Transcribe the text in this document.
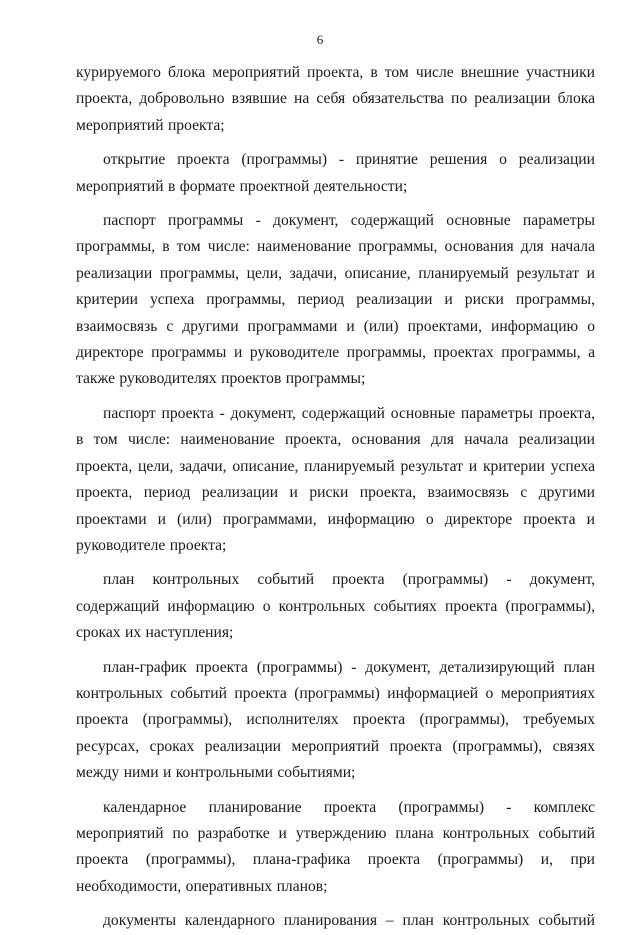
6

курируемого блока мероприятий проекта, в том числе внешние участники проекта, добровольно взявшие на себя обязательства по реализации блока мероприятий проекта;

открытие проекта (программы) - принятие решения о реализации мероприятий в формате проектной деятельности;

паспорт программы - документ, содержащий основные параметры программы, в том числе: наименование программы, основания для начала реализации программы, цели, задачи, описание, планируемый результат и критерии успеха программы, период реализации и риски программы, взаимосвязь с другими программами и (или) проектами, информацию о директоре программы и руководителе программы, проектах программы, а также руководителях проектов программы;

паспорт проекта - документ, содержащий основные параметры проекта, в том числе: наименование проекта, основания для начала реализации проекта, цели, задачи, описание, планируемый результат и критерии успеха проекта, период реализации и риски проекта, взаимосвязь с другими проектами и (или) программами, информацию о директоре проекта и руководителе проекта;

план контрольных событий проекта (программы) - документ, содержащий информацию о контрольных событиях проекта (программы), сроках их наступления;

план-график проекта (программы) - документ, детализирующий план контрольных событий проекта (программы) информацией о мероприятиях проекта (программы), исполнителях проекта (программы), требуемых ресурсах, сроках реализации мероприятий проекта (программы), связях между ними и контрольными событиями;

календарное планирование проекта (программы) - комплекс мероприятий по разработке и утверждению плана контрольных событий проекта (программы), плана-графика проекта (программы) и, при необходимости, оперативных планов;

документы календарного планирования – план контрольных событий
